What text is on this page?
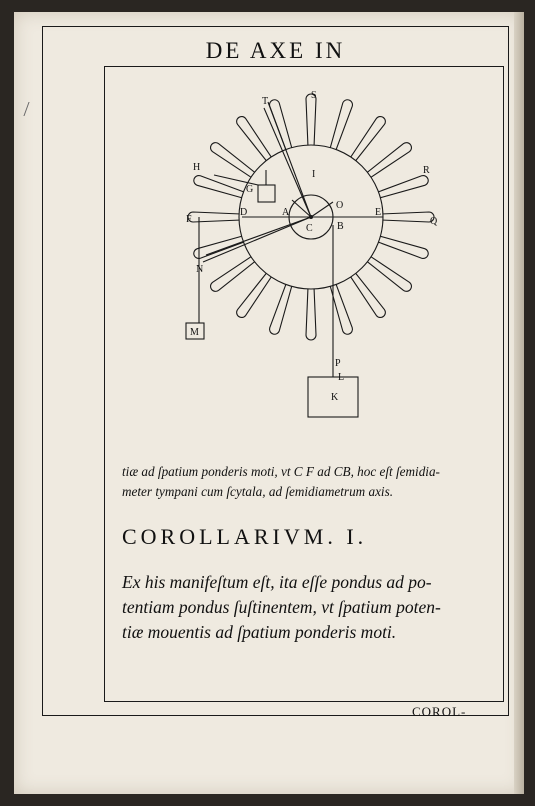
DE AXE IN
T
S
H	R
G
I
O
F
D	A
C B
E
Q
N
M
P
L
K
tiæ ad ſpatium ponderis moti, vt C F ad CB, hoc eſt ſemidia-
meter tympani cum ſcytala, ad ſemidiametrum axis.
COROLLARIVM. I.
Ex his manifeſtum eſt, ita eſſe pondus ad po-
tentiam pondus ſuſtinentem, vt ſpatium poten-
tiæ mouentis ad ſpatium ponderis moti.
COROL-
